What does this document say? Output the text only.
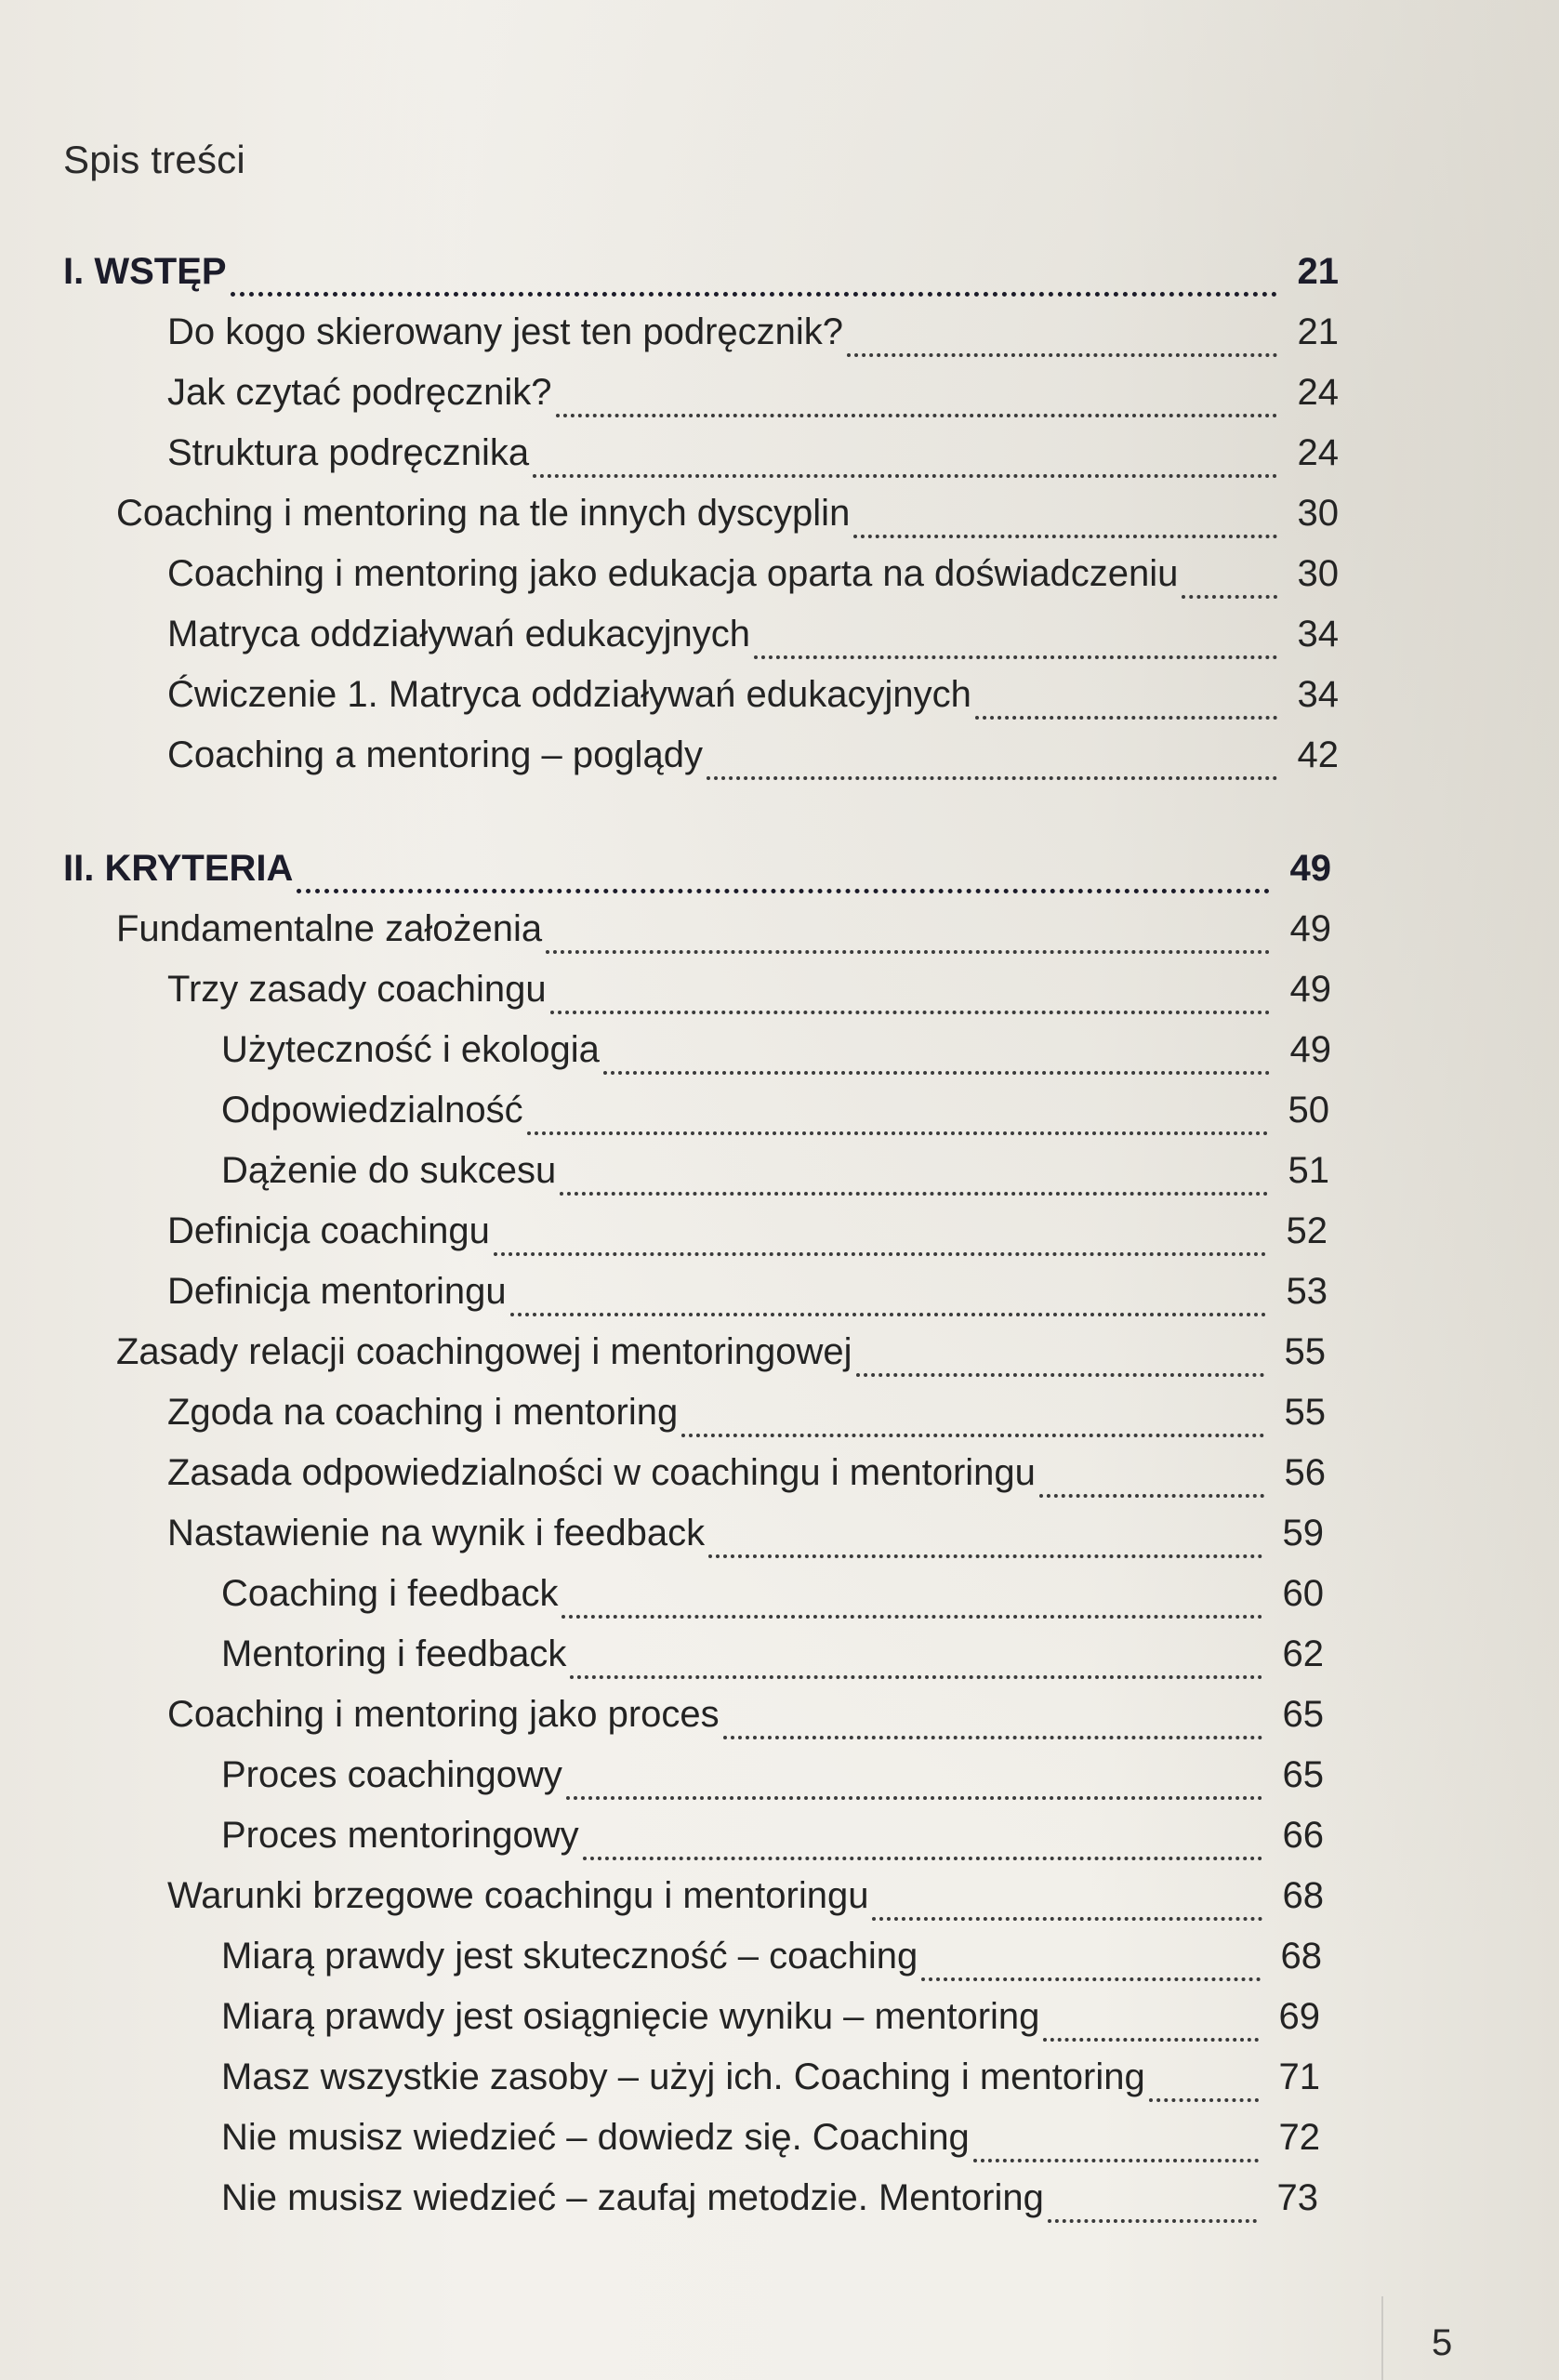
Spis treści
I. WSTĘP	21
Do kogo skierowany jest ten podręcznik?	21
Jak czytać podręcznik?	24
Struktura podręcznika	24
Coaching i mentoring na tle innych dyscyplin	30
Coaching i mentoring jako edukacja oparta na doświadczeniu	30
Matryca oddziaływań edukacyjnych	34
Ćwiczenie 1. Matryca oddziaływań edukacyjnych	34
Coaching a mentoring – poglądy	42
II. KRYTERIA	49
Fundamentalne założenia	49
Trzy zasady coachingu	49
Użyteczność i ekologia	49
Odpowiedzialność	50
Dążenie do sukcesu	51
Definicja coachingu	52
Definicja mentoringu	53
Zasady relacji coachingowej i mentoringowej	55
Zgoda na coaching i mentoring	55
Zasada odpowiedzialności w coachingu i mentoringu	56
Nastawienie na wynik i feedback	59
Coaching i feedback	60
Mentoring i feedback	62
Coaching i mentoring jako proces	65
Proces coachingowy	65
Proces mentoringowy	66
Warunki brzegowe coachingu i mentoringu	68
Miarą prawdy jest skuteczność – coaching	68
Miarą prawdy jest osiągnięcie wyniku – mentoring	69
Masz wszystkie zasoby – użyj ich. Coaching i mentoring	71
Nie musisz wiedzieć – dowiedz się. Coaching	72
Nie musisz wiedzieć – zaufaj metodzie. Mentoring	73
5
